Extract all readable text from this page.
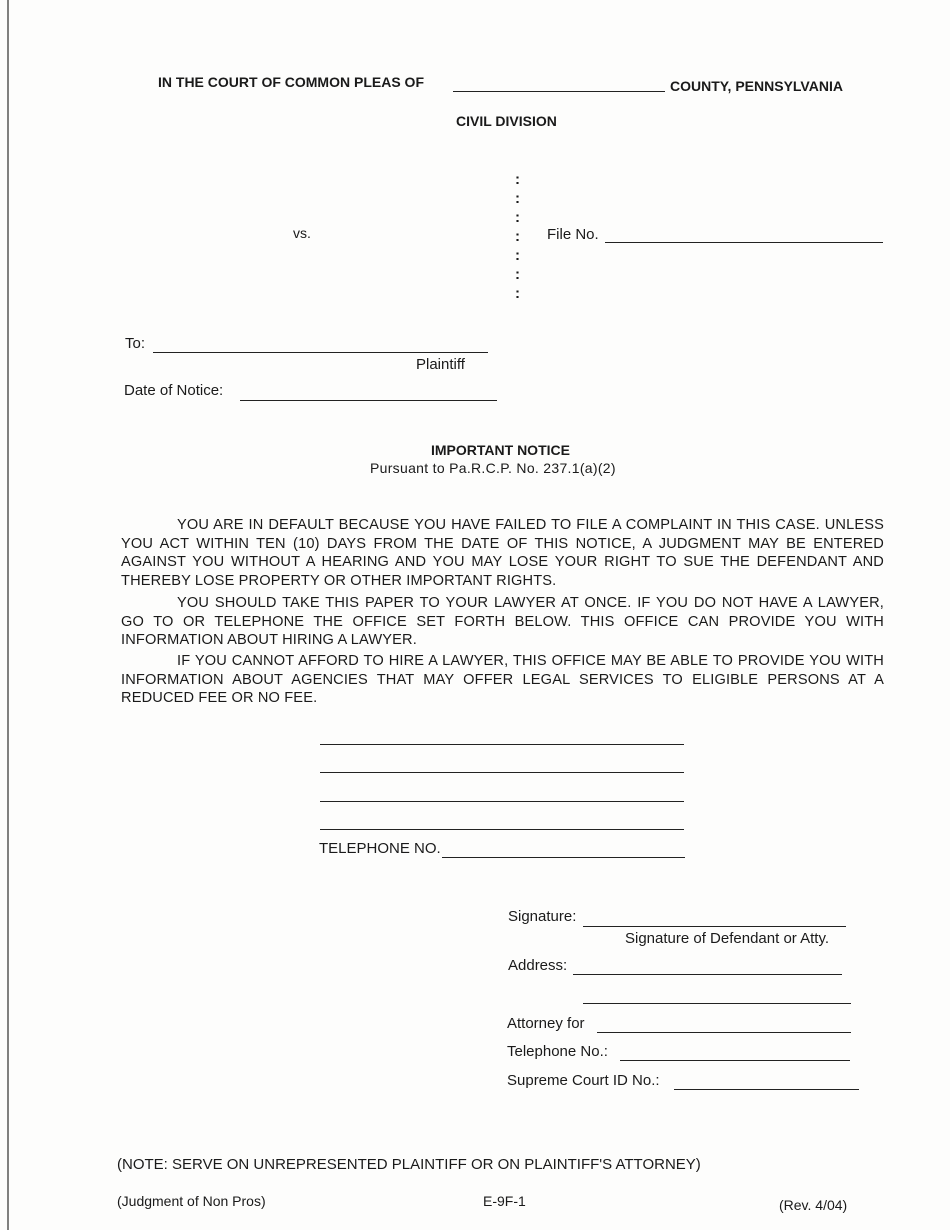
IN THE COURT OF COMMON PLEAS OF	COUNTY, PENNSYLVANIA
CIVIL DIVISION
vs.
:
:
:
:
:
:
:
File No.
To:
Plaintiff
Date of Notice:
IMPORTANT NOTICE
Pursuant to Pa.R.C.P. No. 237.1(a)(2)
YOU ARE IN DEFAULT BECAUSE YOU HAVE FAILED TO FILE A COMPLAINT IN THIS CASE. UNLESS YOU ACT WITHIN TEN (10) DAYS FROM THE DATE OF THIS NOTICE, A JUDGMENT MAY BE ENTERED AGAINST YOU WITHOUT A HEARING AND YOU MAY LOSE YOUR RIGHT TO SUE THE DEFENDANT AND THEREBY LOSE PROPERTY OR OTHER IMPORTANT RIGHTS.
YOU SHOULD TAKE THIS PAPER TO YOUR LAWYER AT ONCE. IF YOU DO NOT HAVE A LAWYER, GO TO OR TELEPHONE THE OFFICE SET FORTH BELOW. THIS OFFICE CAN PROVIDE YOU WITH INFORMATION ABOUT HIRING A LAWYER.
IF YOU CANNOT AFFORD TO HIRE A LAWYER, THIS OFFICE MAY BE ABLE TO PROVIDE YOU WITH INFORMATION ABOUT AGENCIES THAT MAY OFFER LEGAL SERVICES TO ELIGIBLE PERSONS AT A REDUCED FEE OR NO FEE.
TELEPHONE NO.
Signature:
Signature of Defendant or Atty.
Address:
Attorney for
Telephone No.:
Supreme Court ID No.:
(NOTE: SERVE ON UNREPRESENTED PLAINTIFF OR ON PLAINTIFF'S ATTORNEY)
(Judgment of Non Pros)	E-9F-1	(Rev. 4/04)
